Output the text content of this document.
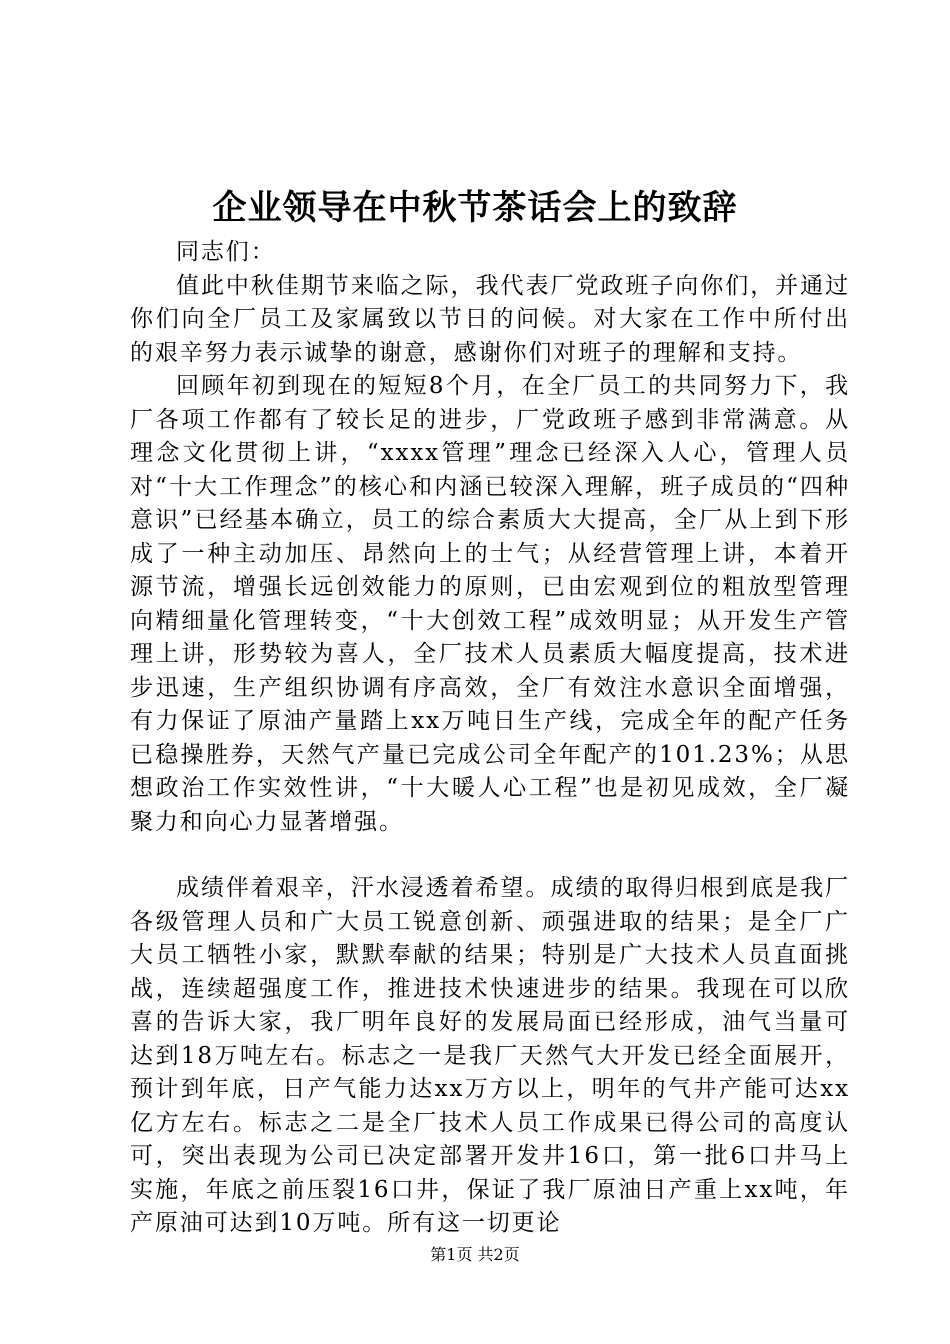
企业领导在中秋节茶话会上的致辞

同志们：

值此中秋佳期节来临之际，我代表厂党政班子向你们，并通过你们向全厂员工及家属致以节日的问候。对大家在工作中所付出的艰辛努力表示诚挚的谢意，感谢你们对班子的理解和支持。

回顾年初到现在的短短8个月，在全厂员工的共同努力下，我厂各项工作都有了较长足的进步，厂党政班子感到非常满意。从理念文化贯彻上讲，“xxxx管理”理念已经深入人心，管理人员对“十大工作理念”的核心和内涵已较深入理解，班子成员的“四种意识”已经基本确立，员工的综合素质大大提高，全厂从上到下形成了一种主动加压、昂然向上的士气；从经营管理上讲，本着开源节流，增强长远创效能力的原则，已由宏观到位的粗放型管理向精细量化管理转变，“十大创效工程”成效明显；从开发生产管理上讲，形势较为喜人，全厂技术人员素质大幅度提高，技术进步迅速，生产组织协调有序高效，全厂有效注水意识全面增强，有力保证了原油产量踏上xx万吨日生产线，完成全年的配产任务已稳操胜券，天然气产量已完成公司全年配产的101.23%；从思想政治工作实效性讲，“十大暖人心工程”也是初见成效，全厂凝聚力和向心力显著增强。

成绩伴着艰辛，汗水浸透着希望。成绩的取得归根到底是我厂各级管理人员和广大员工锐意创新、顽强进取的结果；是全厂广大员工牺牲小家，默默奉献的结果；特别是广大技术人员直面挑战，连续超强度工作，推进技术快速进步的结果。我现在可以欣喜的告诉大家，我厂明年良好的发展局面已经形成，油气当量可达到18万吨左右。标志之一是我厂天然气大开发已经全面展开，预计到年底，日产气能力达xx万方以上，明年的气井产能可达xx亿方左右。标志之二是全厂技术人员工作成果已得公司的高度认可，突出表现为公司已决定部署开发井16口，第一批6口井马上实施，年底之前压裂16口井，保证了我厂原油日产重上xx吨，年产原油可达到10万吨。所有这一切更论

第1页 共2页
